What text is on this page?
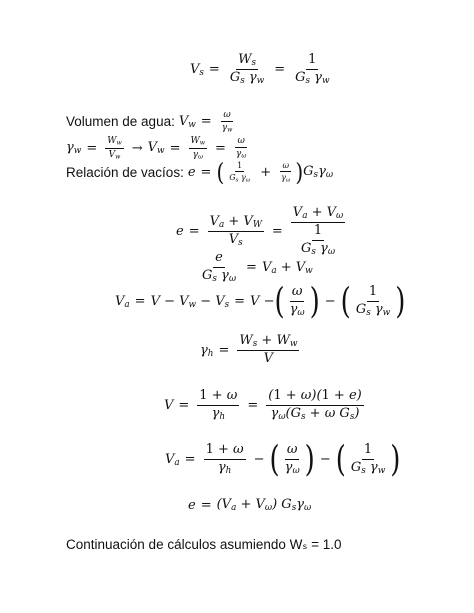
$V_s = \frac{W_s}{G_s \gamma_w} = \frac{1}{G_s \gamma_w}$
Volumen de agua: $V_w = \frac{\omega}{\gamma_w}$
$\gamma_w = \frac{W_w}{V_w} \to V_w = \frac{W_w}{\gamma_\omega} = \frac{\omega}{\gamma_\omega}$
Relación de vacíos: e = ( 1
$G_s$ $\gamma_\omega$
+ $\frac{\omega}{\gamma_\omega}$ ) $G_s\gamma_\omega$
$e = \frac{V_a + V_W}{V_s} = \frac{V_a + V_\omega}{\frac{1}{G_s \gamma_\omega}}$
$\frac{e}{G_s \gamma_\omega} = V_a + V_w$
$V_a = V - V_w - V_s = V$ − ( ω
$\gamma_\omega$ ) − ( 1
$G_s$ $\gamma_w$ )
$\gamma_h = \frac{W_s + W_w}{V}$
$V = \frac{1 + \omega}{\gamma_h} = \frac{(1 + \omega)(1 + e)}{\gamma_\omega(G_s + \omega G_s)}$
$V_a = \frac{1 + \omega}{\gamma_h}$ − ( ω
$\gamma_\omega$ ) − ( 1
$G_s$ $\gamma_w$ )
$e = (V_a + V_\omega)$ $G_s\gamma_\omega$
Continuación de cálculos asumiendo Wₛ = 1.0
